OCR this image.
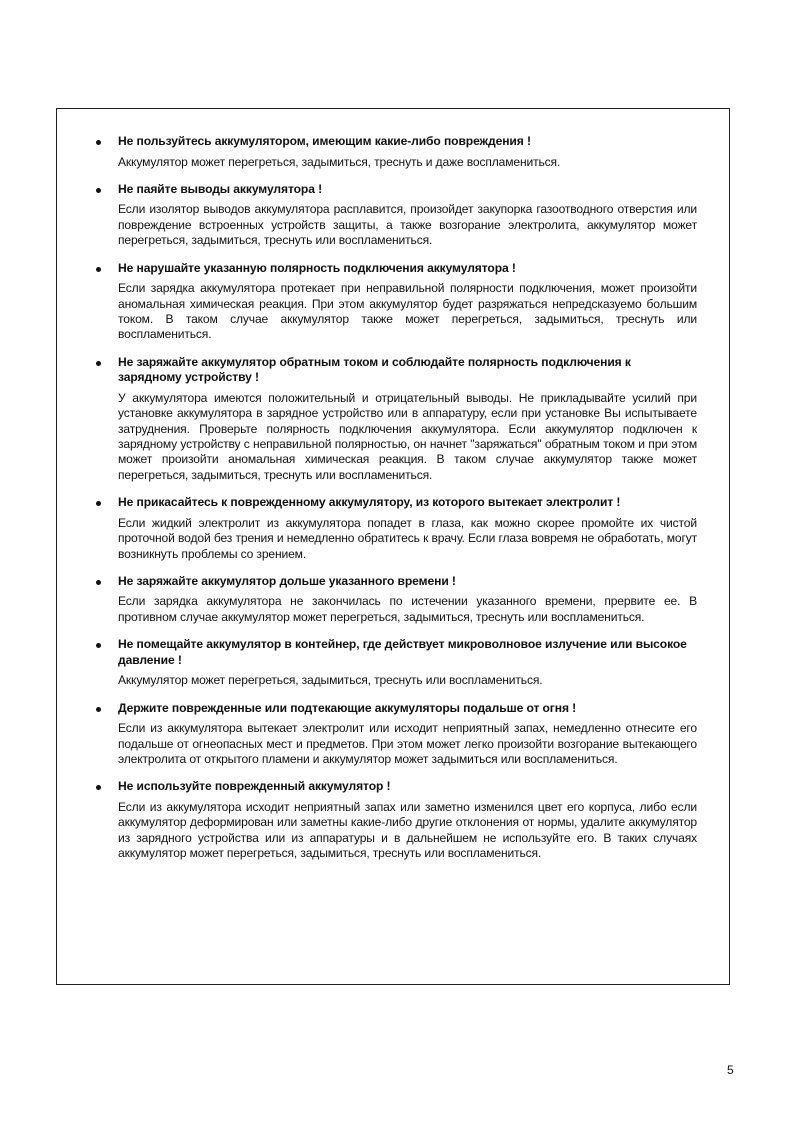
Не пользуйтесь аккумулятором, имеющим какие-либо повреждения !

Аккумулятор может перегреться, задымиться, треснуть и даже воспламениться.

Не паяйте выводы аккумулятора !

Если изолятор выводов аккумулятора расплавится, произойдет закупорка газоотводного отверстия или повреждение встроенных устройств защиты, а также возгорание электролита, аккумулятор может перегреться, задымиться, треснуть или воспламениться.

Не нарушайте указанную полярность подключения аккумулятора !

Если зарядка аккумулятора протекает при неправильной полярности подключения, может произойти аномальная химическая реакция. При этом аккумулятор будет разряжаться непредсказуемо большим током. В таком случае аккумулятор также может перегреться, задымиться, треснуть или воспламениться.

Не заряжайте аккумулятор обратным током и соблюдайте полярность подключения к зарядному устройству !

У аккумулятора имеются положительный и отрицательный выводы. Не прикладывайте усилий при установке аккумулятора в зарядное устройство или в аппаратуру, если при установке Вы испытываете затруднения. Проверьте полярность подключения аккумулятора. Если аккумулятор подключен к зарядному устройству с неправильной полярностью, он начнет "заряжаться" обратным током и при этом может произойти аномальная химическая реакция. В таком случае аккумулятор также может перегреться, задымиться, треснуть или воспламениться.

Не прикасайтесь к поврежденному аккумулятору, из которого вытекает электролит !

Если жидкий электролит из аккумулятора попадет в глаза, как можно скорее промойте их чистой проточной водой без трения и немедленно обратитесь к врачу. Если глаза вовремя не обработать, могут возникнуть проблемы со зрением.

Не заряжайте аккумулятор дольше указанного времени !

Если зарядка аккумулятора не закончилась по истечении указанного времени, прервите ее. В противном случае аккумулятор может перегреться, задымиться, треснуть или воспламениться.

Не помещайте аккумулятор в контейнер, где действует микроволновое излучение или высокое давление !

Аккумулятор может перегреться, задымиться, треснуть или воспламениться.

Держите поврежденные или подтекающие аккумуляторы подальше от огня !

Если из аккумулятора вытекает электролит или исходит неприятный запах, немедленно отнесите его подальше от огнеопасных мест и предметов. При этом может легко произойти возгорание вытекающего электролита от открытого пламени и аккумулятор может задымиться или воспламениться.

Не используйте поврежденный аккумулятор !

Если из аккумулятора исходит неприятный запах или заметно изменился цвет его корпуса, либо если аккумулятор деформирован или заметны какие-либо другие отклонения от нормы, удалите аккумулятор из зарядного устройства или из аппаратуры и в дальнейшем не используйте его. В таких случаях аккумулятор может перегреться, задымиться, треснуть или воспламениться.

5
